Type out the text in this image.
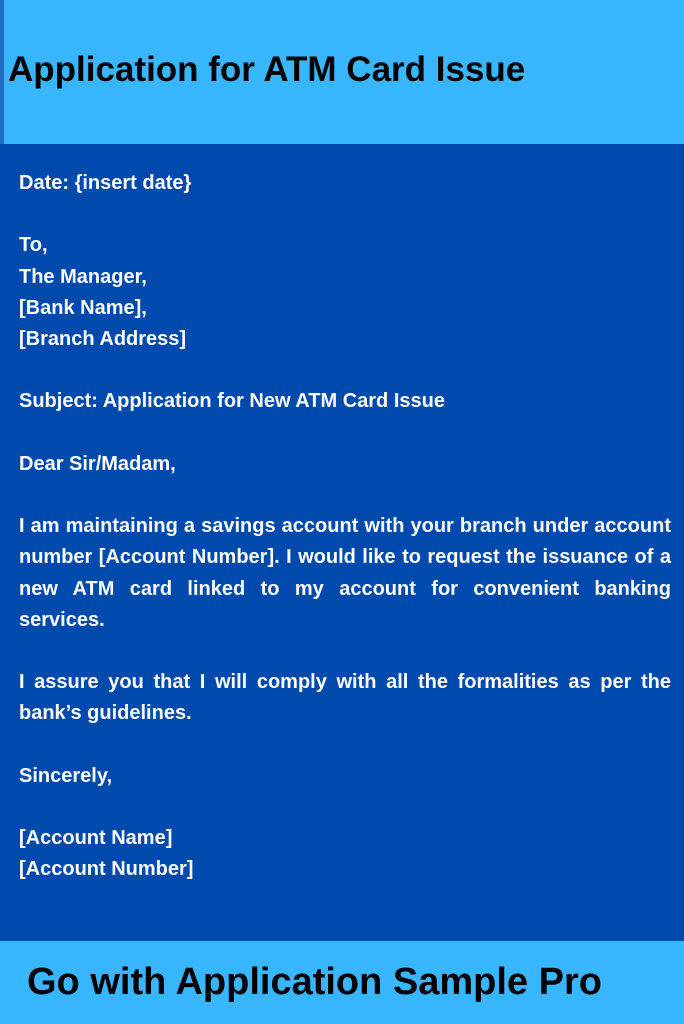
Application for ATM Card Issue
Date: {insert date}
To,
The Manager,
[Bank Name],
[Branch Address]
Subject: Application for New ATM Card Issue
Dear Sir/Madam,

I am maintaining a savings account with your branch under account number [Account Number]. I would like to request the issuance of a new ATM card linked to my account for convenient banking services.

I assure you that I will comply with all the formalities as per the bank’s guidelines.

Sincerely,
[Account Name]
[Account Number]

Go with Application Sample Pro
